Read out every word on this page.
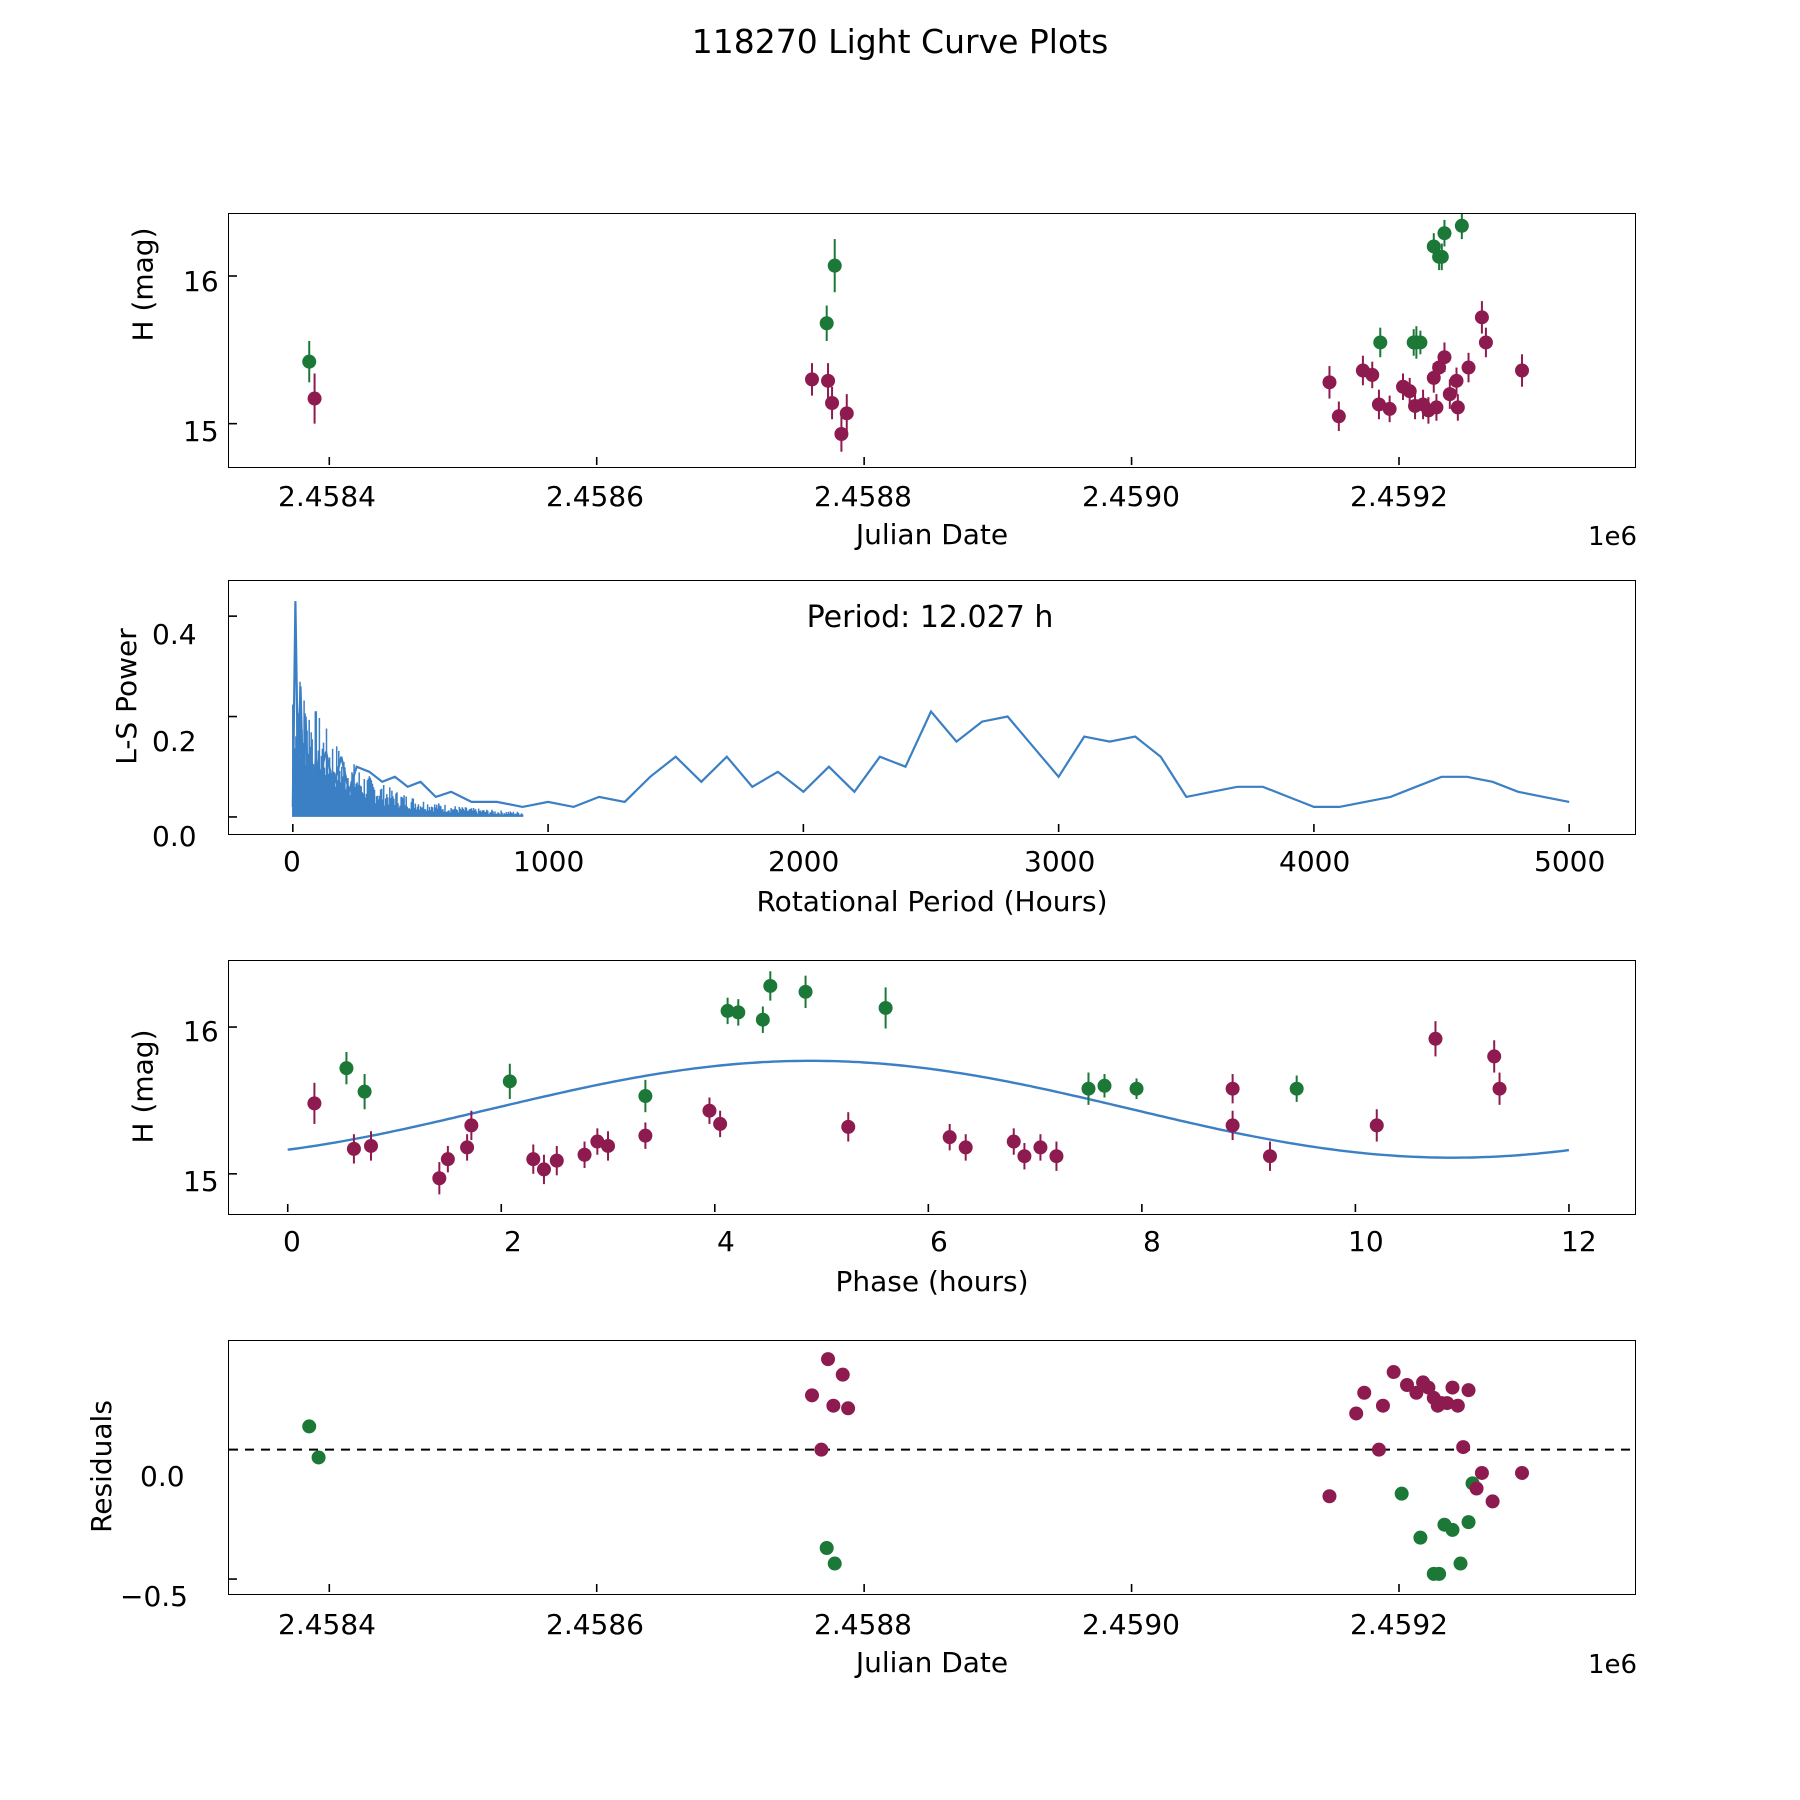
118270 Light Curve Plots
H (mag) 16
15
2.4584	2.4586	2.4588	2.4590	2.4592
Julian Date	1e6
L-S Power
Period: 12.027 h
0.4
0.2
0.0
0	1000	2000	3000	4000	5000
Rotational Period (Hours)
H (mag) 16
15
0	2	4	6	8	10	12
Phase (hours)
Residuals 0.0
−0.5
2.4584	2.4586	2.4588	2.4590	2.4592
Julian Date	1e6
